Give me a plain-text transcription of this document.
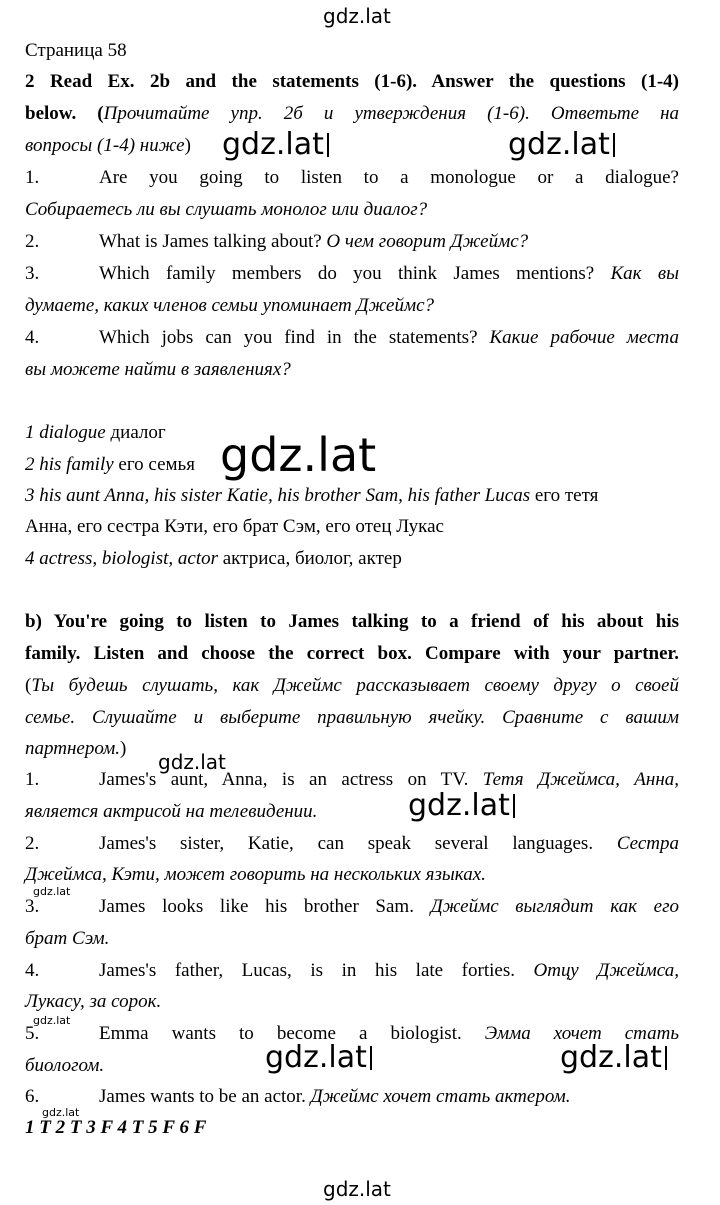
gdz.lat
gdz.lat	gdz.lat
gdz.lat
gdz.lat
gdz.lat
gdz.lat
gdz.lat
gdz.lat	gdz.lat
gdz.lat
gdz.lat
Страница 58
2 Read Ex. 2b and the statements (1-6). Answer the questions (1-4)
below. (Прочитайте упр. 2б и утверждения (1-6). Ответьте на
вопросы (1-4) ниже)
1.	Are you going to listen to a monologue or a dialogue?
Собираетесь ли вы слушать монолог или диалог?
2.	What is James talking about? О чем говорит Джеймс?
3.	Which family members do you think James mentions? Как вы
думаете, каких членов семьи упоминает Джеймс?
4.	Which jobs can you find in the statements? Какие рабочие места
вы можете найти в заявлениях?
1 dialogue диалог
2 his family его семья
3 his aunt Anna, his sister Katie, his brother Sam, his father Lucas его тетя
Анна, его сестра Кэти, его брат Сэм, его отец Лукас
4 actress, biologist, actor актриса, биолог, актер
b) You're going to listen to James talking to a friend of his about his
family. Listen and choose the correct box. Compare with your partner.
(Ты будешь слушать, как Джеймс рассказывает своему другу о своей
семье. Слушайте и выберите правильную ячейку. Сравните с вашим
партнером.)
1.	James's aunt, Anna, is an actress on TV. Тетя Джеймса, Анна,
является актрисой на телевидении.
2.	James's sister, Katie, can speak several languages. Сестра
Джеймса, Кэти, может говорить на нескольких языках.
3.	James looks like his brother Sam. Джеймс выглядит как его
брат Сэм.
4.	James's father, Lucas, is in his late forties. Отцу Джеймса,
Лукасу, за сорок.
5.	Emma wants to become a biologist. Эмма хочет стать
биологом.
6.	James wants to be an actor. Джеймс хочет стать актером.
1 T 2 T 3 F 4 T 5 F 6 F
